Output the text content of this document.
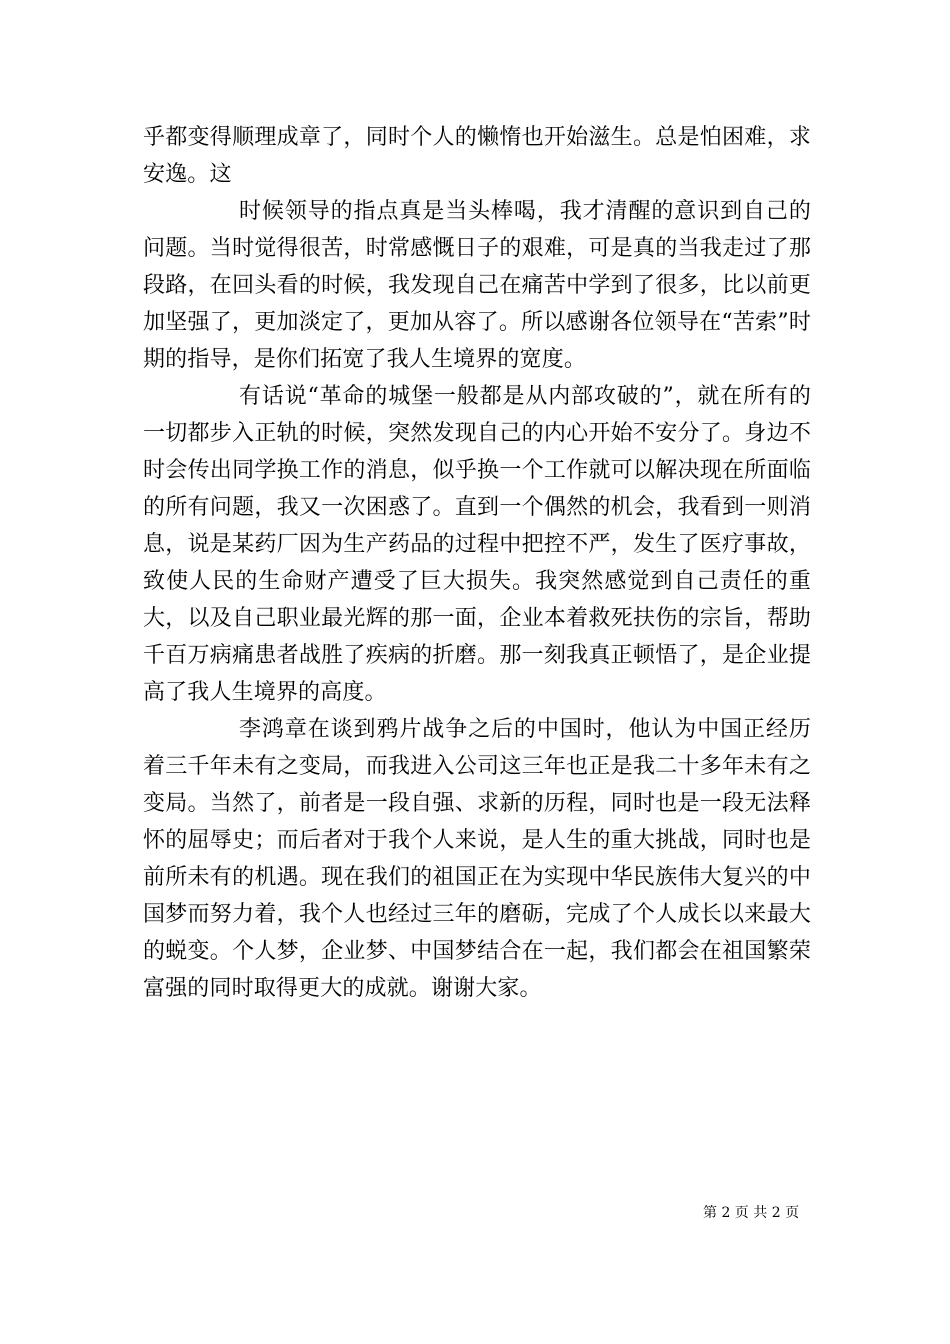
乎都变得顺理成章了，同时个人的懒惰也开始滋生。总是怕困难，求安逸。这

时候领导的指点真是当头棒喝，我才清醒的意识到自己的问题。当时觉得很苦，时常感慨日子的艰难，可是真的当我走过了那段路，在回头看的时候，我发现自己在痛苦中学到了很多，比以前更加坚强了，更加淡定了，更加从容了。所以感谢各位领导在“苦索”时期的指导，是你们拓宽了我人生境界的宽度。

有话说“革命的城堡一般都是从内部攻破的”，就在所有的一切都步入正轨的时候，突然发现自己的内心开始不安分了。身边不时会传出同学换工作的消息，似乎换一个工作就可以解决现在所面临的所有问题，我又一次困惑了。直到一个偶然的机会，我看到一则消息，说是某药厂因为生产药品的过程中把控不严，发生了医疗事故，致使人民的生命财产遭受了巨大损失。我突然感觉到自己责任的重大，以及自己职业最光辉的那一面，企业本着救死扶伤的宗旨，帮助千百万病痛患者战胜了疾病的折磨。那一刻我真正顿悟了，是企业提高了我人生境界的高度。

李鸿章在谈到鸦片战争之后的中国时，他认为中国正经历着三千年未有之变局，而我进入公司这三年也正是我二十多年未有之变局。当然了，前者是一段自强、求新的历程，同时也是一段无法释怀的屈辱史；而后者对于我个人来说，是人生的重大挑战，同时也是前所未有的机遇。现在我们的祖国正在为实现中华民族伟大复兴的中国梦而努力着，我个人也经过三年的磨砺，完成了个人成长以来最大的蜕变。个人梦，企业梦、中国梦结合在一起，我们都会在祖国繁荣富强的同时取得更大的成就。谢谢大家。

第 2 页 共 2 页
